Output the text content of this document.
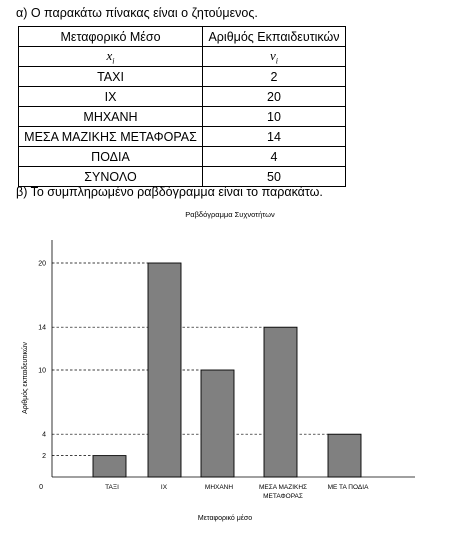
α) Ο παρακάτω πίνακας είναι ο ζητούμενος.
Μεταφορικό Μέσο	Αριθμός Εκπαιδευτικών
$x_i$	$\nu_i$
ΤΑΧΙ	2
ΙΧ	20
ΜΗΧΑΝΗ	10
ΜΕΣΑ ΜΑΖΙΚΗΣ ΜΕΤΑΦΟΡΑΣ	14
ΠΟΔΙΑ	4
ΣΥΝΟΛΟ	50
β) Το συμπληρωμένο ραβδόγραμμα είναι το παρακάτω.
Ραβδόγραμμα Συχνοτήτων
0
2
4
10
14
20
ΤΑΞΙ	ΙΧ	ΜΗΧΑΝΗ	ΜΕΣΑ ΜΑΖΙΚΗΣ
ΜΕΤΑΦΟΡΑΣ
ΜΕ ΤΑ ΠΟΔΙΑ
Μεταφορικό μέσο
Αριθμός εκπαιδευτικών
